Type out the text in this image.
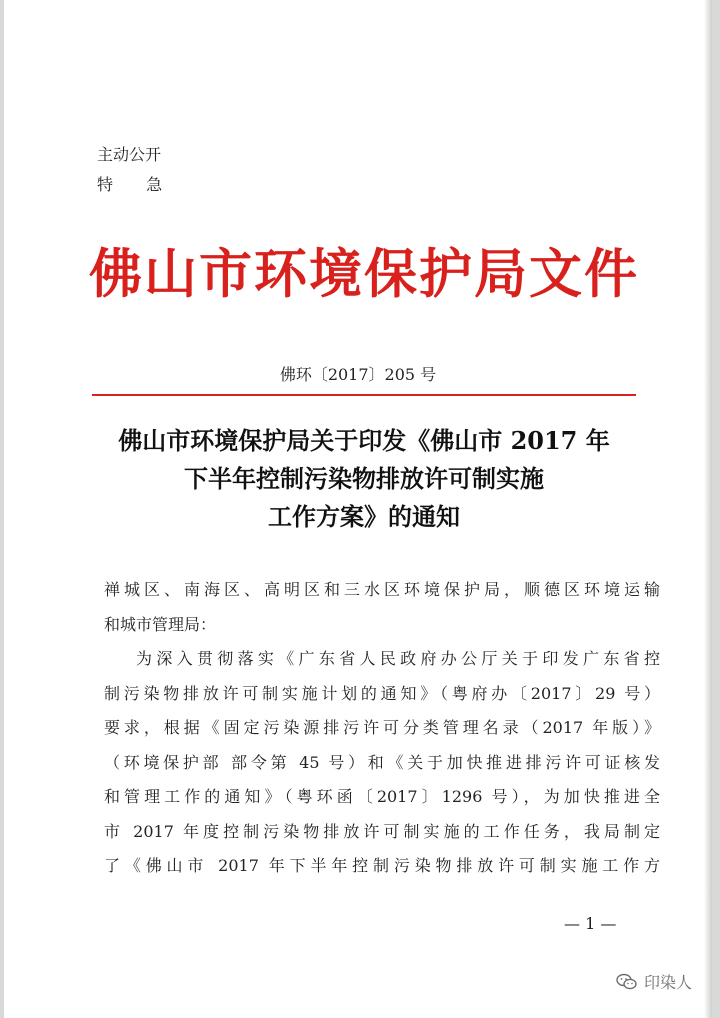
主动公开
特 急
佛山市环境保护局文件
佛环〔2017〕205 号
佛山市环境保护局关于印发《佛山市 2017 年
下半年控制污染物排放许可制实施
工作方案》的通知
禅城区、南海区、高明区和三水区环境保护局，顺德区环境运输
和城市管理局：
为深入贯彻落实《广东省人民政府办公厅关于印发广东省控
制污染物排放许可制实施计划的通知》（粤府办〔2017〕29 号）
要求，根据《固定污染源排污许可分类管理名录（2017 年版）》
（环境保护部 部令第 45 号）和《关于加快推进排污许可证核发
和管理工作的通知》（粤环函〔2017〕1296 号），为加快推进全
市 2017 年度控制污染物排放许可制实施的工作任务，我局制定
了《佛山市 2017 年下半年控制污染物排放许可制实施工作方
— 1 —
印染人
